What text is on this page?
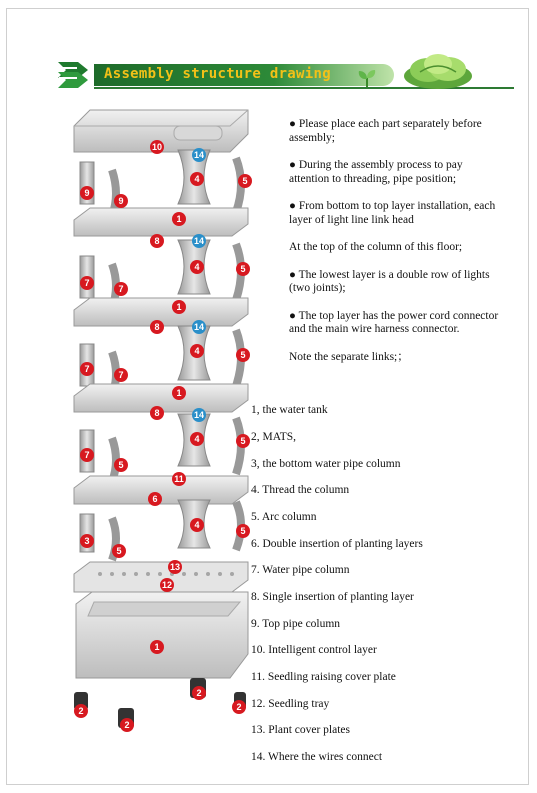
Assembly structure drawing
10
14
4	5
9
9
1
8	14
4	5
7
7
1
8	14
4	5
7
7
1
8	14
4	5
7
5
11
6
4
5
3
5
13
12
1
2
2
2
2

● Please place each part separately before assembly;

● During the assembly process to pay attention to threading, pipe position;

● From bottom to top layer installation, each layer of light line link head

At the top of the column of this floor;

● The lowest layer is a double row of lights (two joints);

● The top layer has the power cord connector and the main wire harness connector.

Note the separate links;；

1, the water tank
2, MATS,
3, the bottom water pipe column
4. Thread the column
5. Arc column
6. Double insertion of planting layers
7. Water pipe column
8. Single insertion of planting layer
9. Top pipe column
10. Intelligent control layer
11. Seedling raising cover plate
12. Seedling tray
13. Plant cover plates
14. Where the wires connect
